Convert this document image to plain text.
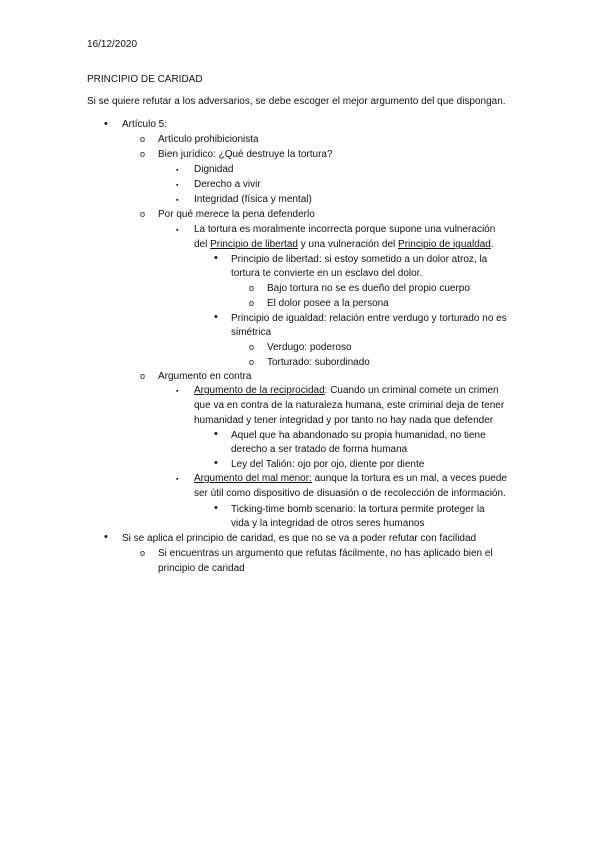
16/12/2020
PRINCIPIO DE CARIDAD
Si se quiere refutar a los adversarios, se debe escoger el mejor argumento del que dispongan.
• Artículo 5:
o Artículo prohibicionista
o Bien jurídico: ¿Qué destruye la tortura?
▪ Dignidad
▪ Derecho a vivir
▪ Integridad (física y mental)
o Por qué merece la pena defenderlo
▪ La tortura es moralmente incorrecta porque supone una vulneración
del Principio de libertad y una vulneración del Principio de igualdad.
• Principio de libertad: si estoy sometido a un dolor atroz, la
tortura te convierte en un esclavo del dolor.
o Bajo tortura no se es dueño del propio cuerpo
o El dolor posee a la persona
• Principio de igualdad: relación entre verdugo y torturado no es
simétrica
o Verdugo: poderoso
o Torturado: subordinado
o Argumento en contra
▪ Argumento de la reciprocidad: Cuando un criminal comete un crimen
que va en contra de la naturaleza humana, este criminal deja de tener
humanidad y tener integridad y por tanto no hay nada que defender
• Aquel que ha abandonado su propia humanidad, no tiene
derecho a ser tratado de forma humana
• Ley del Talión: ojo por ojo, diente por diente
▪ Argumento del mal menor: aunque la tortura es un mal, a veces puede
ser útil como dispositivo de disuasión o de recolección de información.
• Ticking-time bomb scenario: la tortura permite proteger la
vida y la integridad de otros seres humanos
• Si se aplica el principio de caridad, es que no se va a poder refutar con facilidad
o Si encuentras un argumento que refutas fácilmente, no has aplicado bien el
principio de caridad
